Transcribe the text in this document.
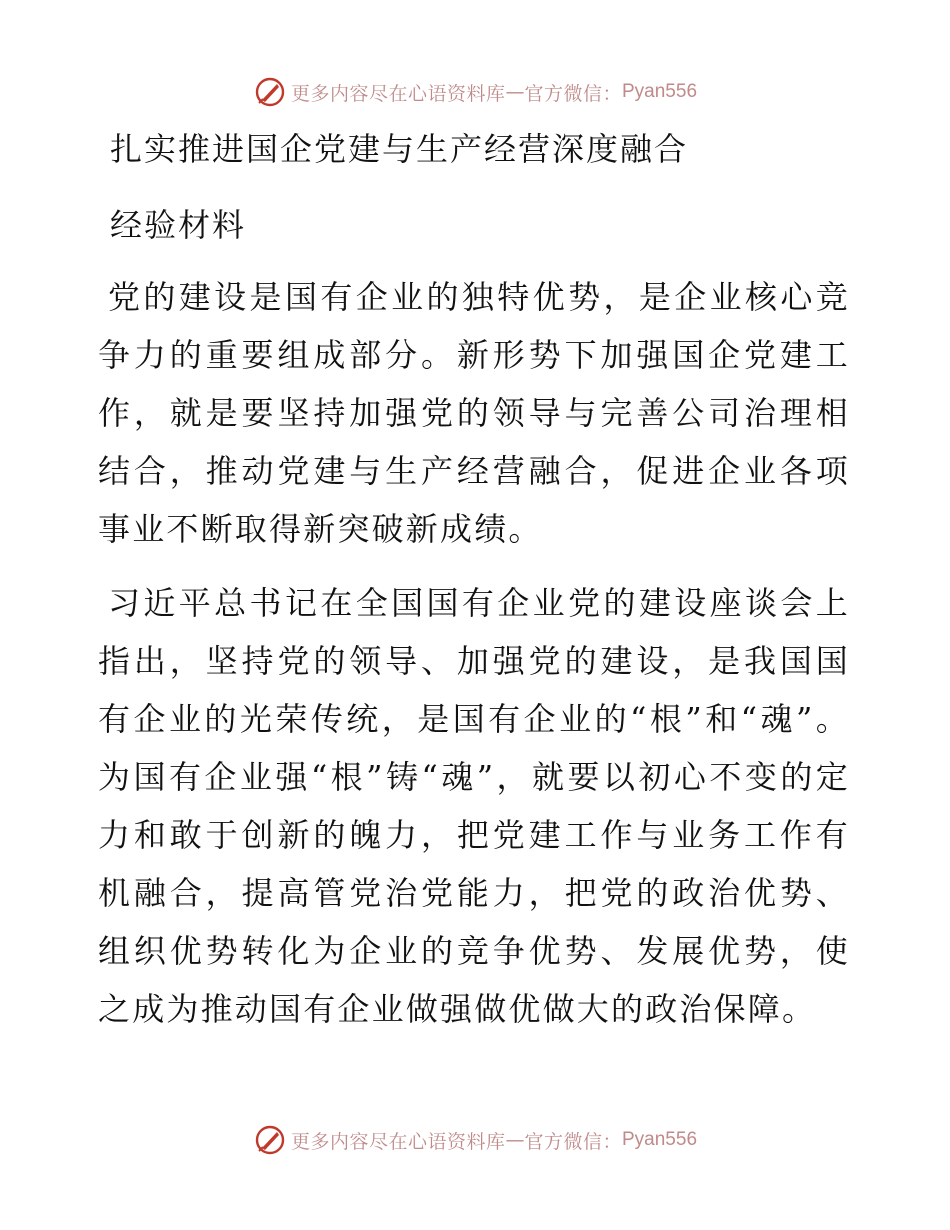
更多内容尽在心语资料库 — 官方微信： Pyan556
扎实推进国企党建与生产经营深度融合
经验材料

党的建设是国有企业的独特优势，是企业核心竞争力的重要组成部分。新形势下加强国企党建工作，就是要坚持加强党的领导与完善公司治理相结合，推动党建与生产经营融合，促进企业各项事业不断取得新突破新成绩。

习近平总书记在全国国有企业党的建设座谈会上指出，坚持党的领导、加强党的建设，是我国国有企业的光荣传统，是国有企业的“根”和“魂”。为国有企业强“根”铸“魂”，就要以初心不变的定力和敢于创新的魄力，把党建工作与业务工作有机融合，提高管党治党能力，把党的政治优势、组织优势转化为企业的竞争优势、发展优势，使之成为推动国有企业做强做优做大的政治保障。

更多内容尽在心语资料库 — 官方微信： Pyan556
